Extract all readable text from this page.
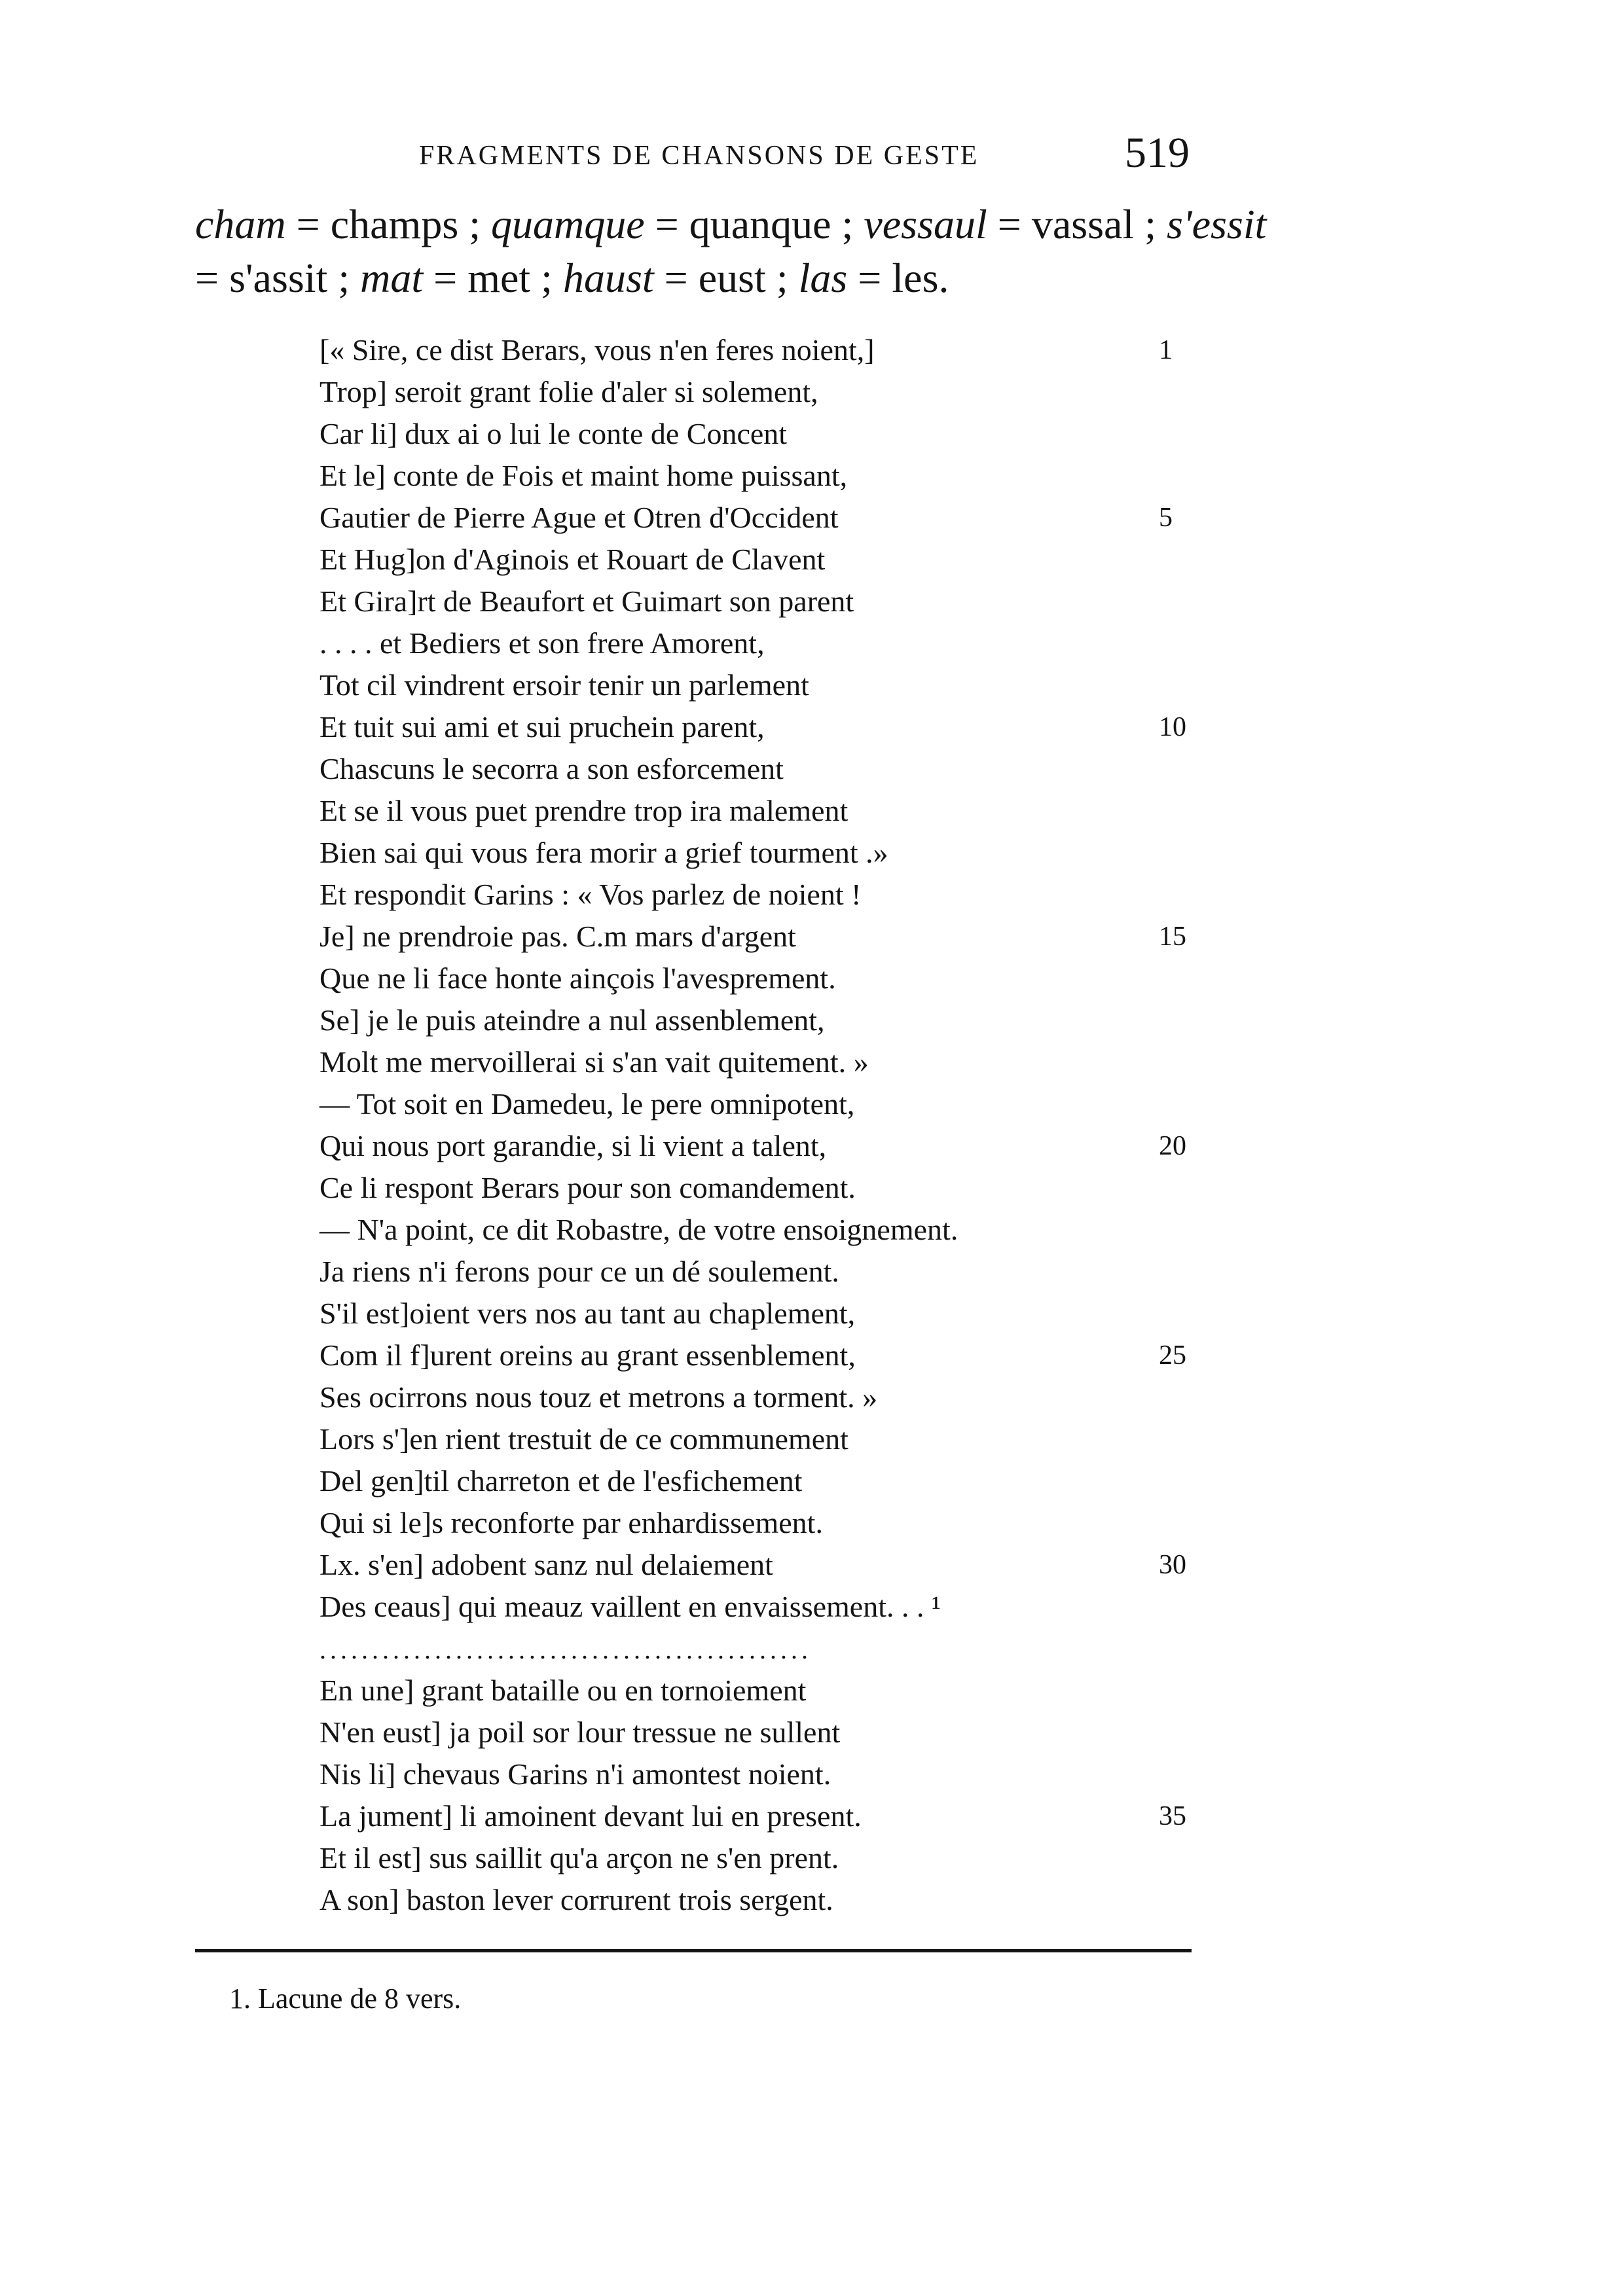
FRAGMENTS DE CHANSONS DE GESTE	519
cham = champs ; quamque = quanque ; vessaul = vassal ; s'essit
= s'assit ; mat = met ; haust = eust ; las = les.
[« Sire, ce dist Berars, vous n'en feres noient,]	1
Trop] seroit grant folie d'aler si solement,
Car li] dux ai o lui le conte de Concent
Et le] conte de Fois et maint home puissant,
Gautier de Pierre Ague et Otren d'Occident	5
Et Hug]on d'Aginois et Rouart de Clavent
Et Gira]rt de Beaufort et Guimart son parent
. . . . et Bediers et son frere Amorent,
Tot cil vindrent ersoir tenir un parlement
Et tuit sui ami et sui pruchein parent,	10
Chascuns le secorra a son esforcement
Et se il vous puet prendre trop ira malement
Bien sai qui vous fera morir a grief tourment .»
Et respondit Garins : « Vos parlez de noient !
Je] ne prendroie pas. C.m mars d'argent	15
Que ne li face honte ainçois l'avesprement.
Se] je le puis ateindre a nul assenblement,
Molt me mervoillerai si s'an vait quitement. »
— Tot soit en Damedeu, le pere omnipotent,
Qui nous port garandie, si li vient a talent,	20
Ce li respont Berars pour son comandement.
— N'a point, ce dit Robastre, de votre ensoignement.
Ja riens n'i ferons pour ce un dé soulement.
S'il est]oient vers nos au tant au chaplement,
Com il f]urent oreins au grant essenblement,	25
Ses ocirrons nous touz et metrons a torment. »
Lors s']en rient trestuit de ce communement
Del gen]til charreton et de l'esfichement
Qui si le]s reconforte par enhardissement.
Lx. s'en] adobent sanz nul delaiement	30
Des ceaus] qui meauz vaillent en envaissement. . . ¹
...............................................
En une] grant bataille ou en tornoiement
N'en eust] ja poil sor lour tressue ne sullent
Nis li] chevaus Garins n'i amontest noient.
La jument] li amoinent devant lui en present.	35
Et il est] sus saillit qu'a arçon ne s'en prent.
A son] baston lever corrurent trois sergent.
1. Lacune de 8 vers.
